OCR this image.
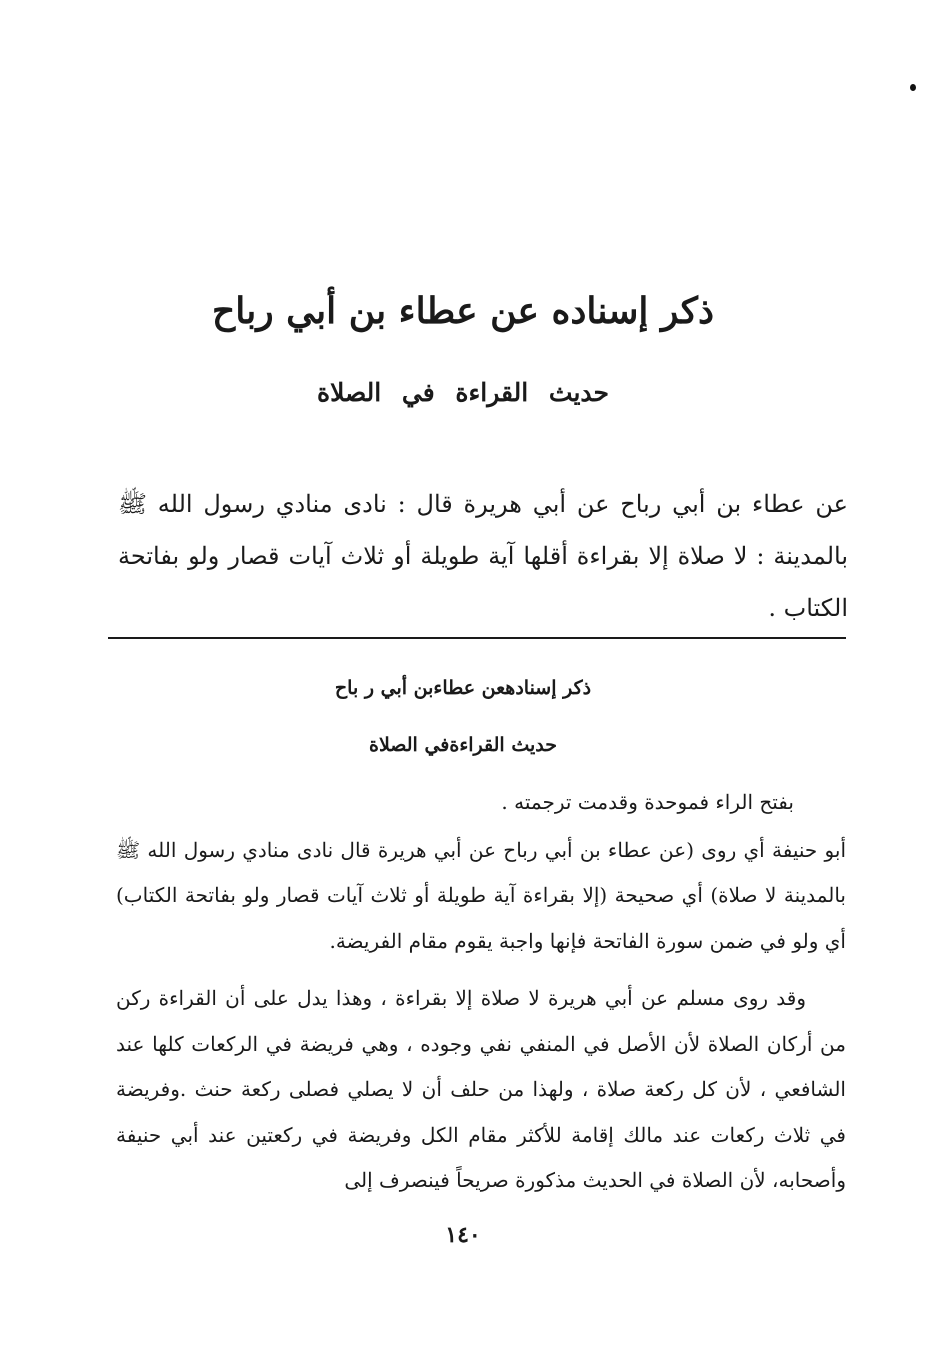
ذكر إسناده عن عطاء بن أبي رباح
حديث القراءة في الصلاة

عن عطاء بن أبي رباح عن أبي هريرة قال : نادى منادي رسول الله ﷺ بالمدينة : لا صلاة إلا بقراءة أقلها آية طويلة أو ثلاث آيات قصار ولو بفاتحة الكتاب .

ذكر إسنادهعن عطاءبن أبي ر باح
حديث القراءةفي الصلاة

بفتح الراء فموحدة وقدمت ترجمته .

أبو حنيفة أي روى (عن عطاء بن أبي رباح عن أبي هريرة قال نادى منادي رسول الله ﷺ بالمدينة لا صلاة) أي صحيحة (إلا بقراءة آية طويلة أو ثلاث آيات قصار ولو بفاتحة الكتاب) أي ولو في ضمن سورة الفاتحة فإنها واجبة يقوم مقام الفريضة.

وقد روى مسلم عن أبي هريرة لا صلاة إلا بقراءة ، وهذا يدل على أن القراءة ركن من أركان الصلاة لأن الأصل في المنفي نفي وجوده ، وهي فريضة في الركعات كلها عند الشافعي ، لأن كل ركعة صلاة ، ولهذا من حلف أن لا يصلي فصلى ركعة حنث .وفريضة في ثلاث ركعات عند مالك إقامة للأكثر مقام الكل وفريضة في ركعتين عند أبي حنيفة وأصحابه، لأن الصلاة في الحديث مذكورة صريحاً فينصرف إلى

١٤٠
